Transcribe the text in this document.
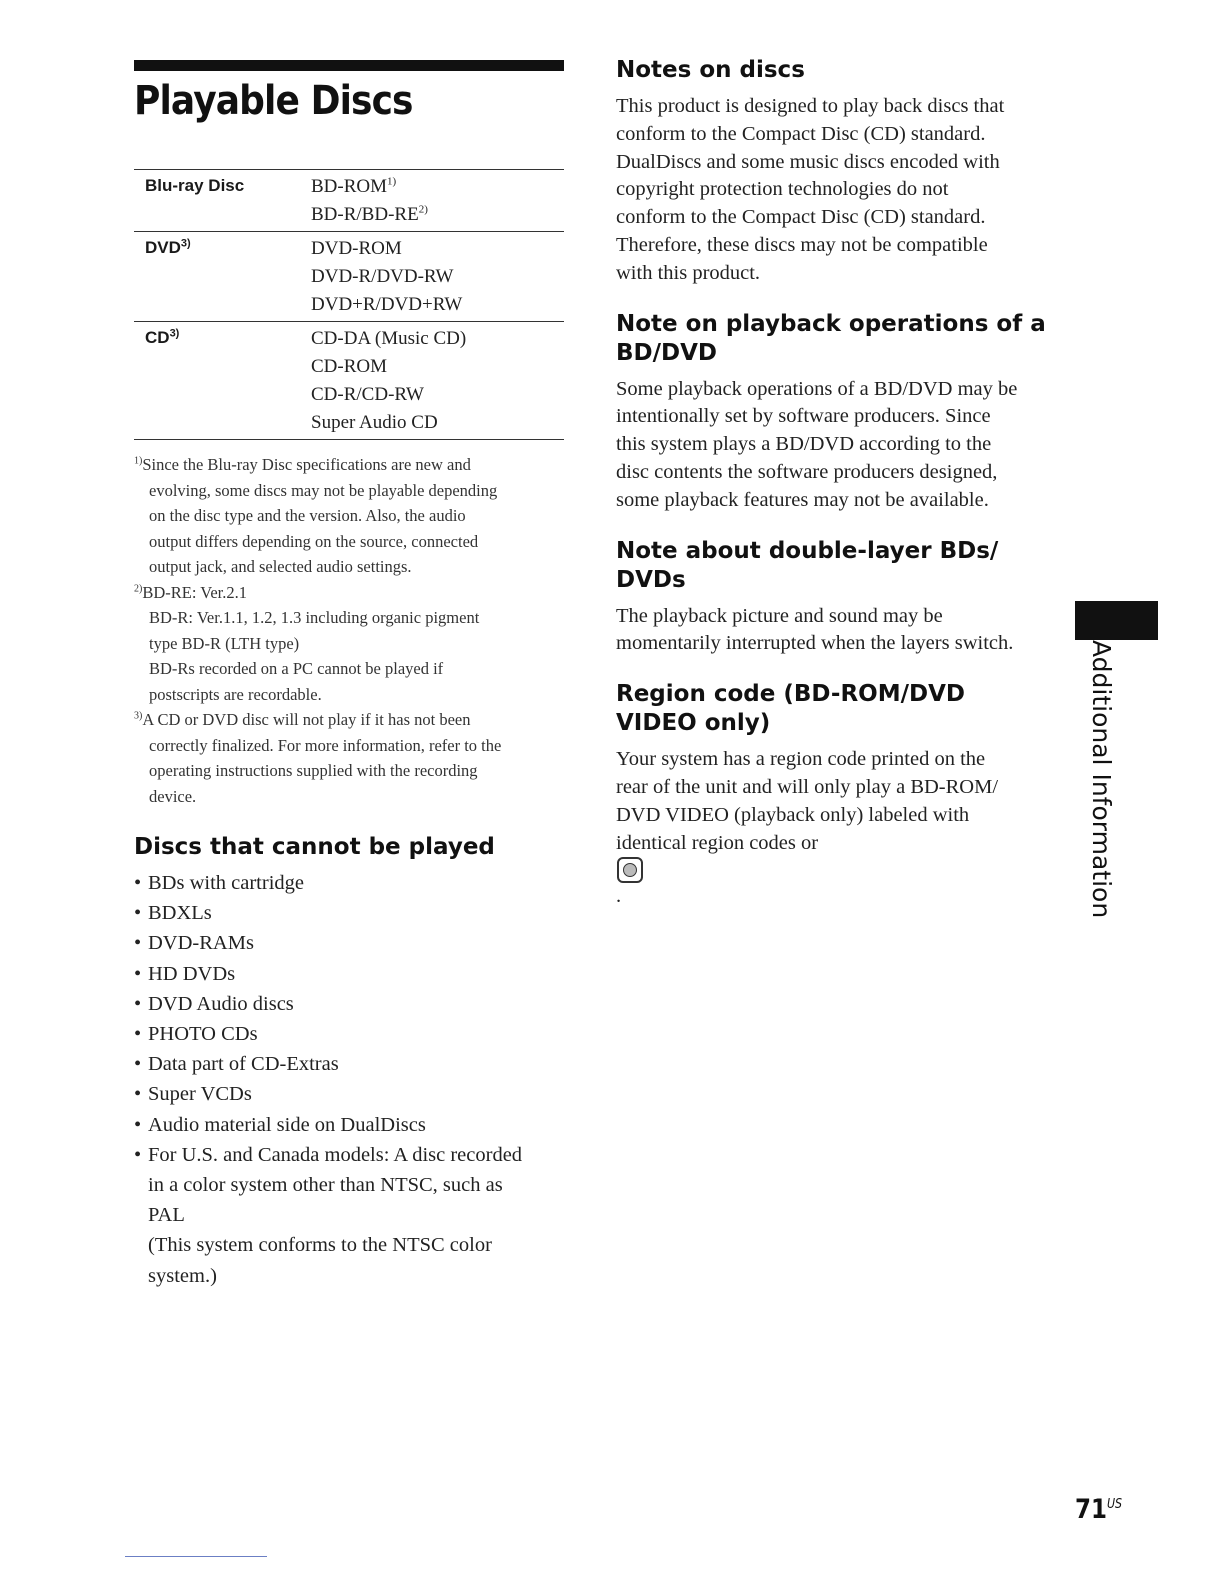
Playable Discs
Blu-ray Disc	BD-ROM$^{1)}$
BD-R/BD-RE$^{2)}$

DVD$^{3)}$	DVD-ROM
DVD-R/DVD-RW
DVD+R/DVD+RW

CD$^{3)}$	CD-DA (Music CD)
CD-ROM
CD-R/CD-RW
Super Audio CD
$^{1)}$Since the Blu-ray Disc specifications are new and
evolving, some discs may not be playable depending
on the disc type and the version. Also, the audio
output differs depending on the source, connected
output jack, and selected audio settings.
$^{2)}$BD-RE: Ver.2.1
BD-R: Ver.1.1, 1.2, 1.3 including organic pigment
type BD-R (LTH type)
BD-Rs recorded on a PC cannot be played if
postscripts are recordable.
$^{3)}$A CD or DVD disc will not play if it has not been
correctly finalized. For more information, refer to the
operating instructions supplied with the recording
device.
Discs that cannot be played
• BDs with cartridge
• BDXLs
• DVD-RAMs
• HD DVDs
• DVD Audio discs
• PHOTO CDs
• Data part of CD-Extras
• Super VCDs
• Audio material side on DualDiscs
• For U.S. and Canada models: A disc recorded
in a color system other than NTSC, such as
PAL
(This system conforms to the NTSC color
system.)
Notes on discs
This product is designed to play back discs that
conform to the Compact Disc (CD) standard.
DualDiscs and some music discs encoded with
copyright protection technologies do not
conform to the Compact Disc (CD) standard.
Therefore, these discs may not be compatible
with this product.
Note on playback operations of a
BD/DVD
Some playback operations of a BD/DVD may be
intentionally set by software producers. Since
this system plays a BD/DVD according to the
disc contents the software producers designed,
some playback features may not be available.
Note about double-layer BDs/
DVDs
The playback picture and sound may be
momentarily interrupted when the layers switch.
Region code (BD-ROM/DVD
VIDEO only)
Your system has a region code printed on the
rear of the unit and will only play a BD-ROM/
DVD VIDEO (playback only) labeled with
identical region codes or
.	Additional Information
$71^{US}$
